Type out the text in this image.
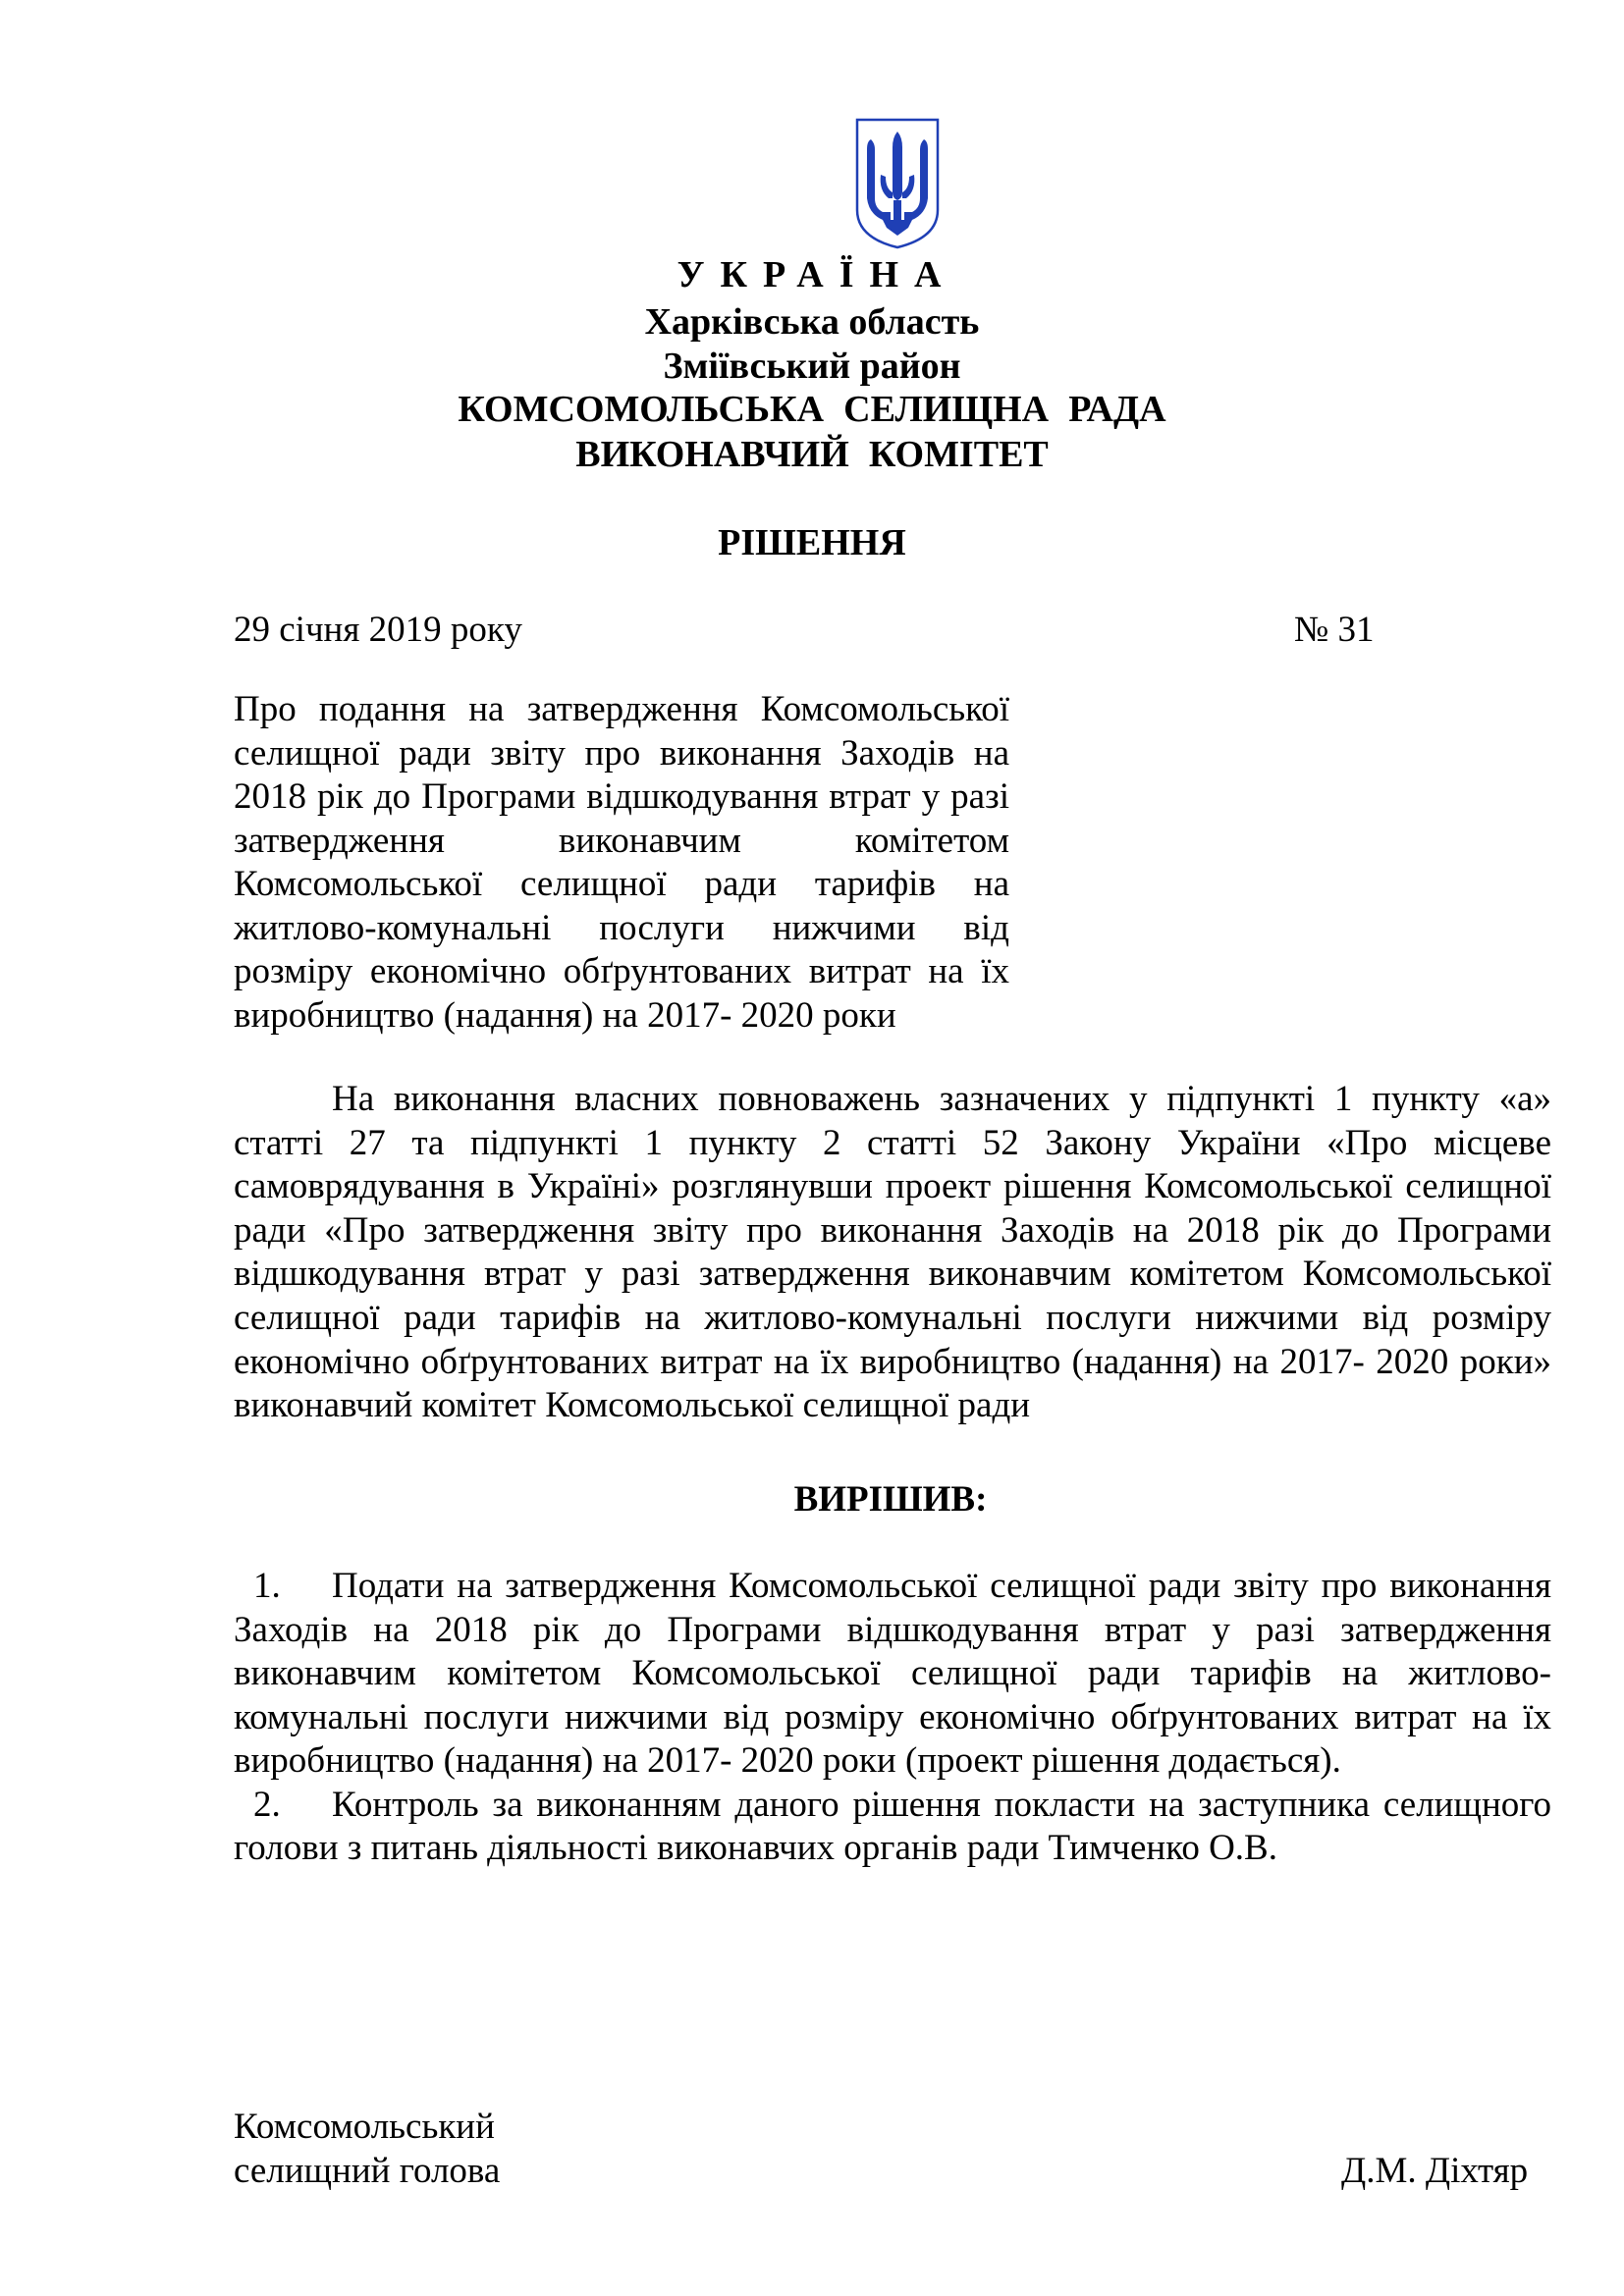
УКРАЇНА
Харківська область
Зміївський район
КОМСОМОЛЬСЬКА СЕЛИЩНА РАДА
ВИКОНАВЧИЙ КОМІТЕТ
РІШЕННЯ
29 січня 2019 року	№ 31
Про подання на затвердження Комсомольської селищної ради звіту про виконання Заходів на 2018 рік до Програми відшкодування втрат у разі затвердження виконавчим комітетом Комсомольської селищної ради тарифів на житлово-комунальні послуги нижчими від розміру економічно обґрунтованих витрат на їх виробництво (надання) на 2017- 2020 роки
На виконання власних повноважень зазначених у підпункті 1 пункту «а» статті 27 та підпункті 1 пункту 2 статті 52 Закону України «Про місцеве самоврядування в Україні» розглянувши проект рішення Комсомольської селищної ради «Про затвердження звіту про виконання Заходів на 2018 рік до Програми відшкодування втрат у разі затвердження виконавчим комітетом Комсомольської селищної ради тарифів на житлово-комунальні послуги нижчими від розміру економічно обґрунтованих витрат на їх виробництво (надання) на 2017- 2020 роки» виконавчий комітет Комсомольської селищної ради
ВИРІШИВ:
1. Подати на затвердження Комсомольської селищної ради звіту про виконання Заходів на 2018 рік до Програми відшкодування втрат у разі затвердження виконавчим комітетом Комсомольської селищної ради тарифів на житлово-комунальні послуги нижчими від розміру економічно обґрунтованих витрат на їх виробництво (надання) на 2017- 2020 роки (проект рішення додається).
2. Контроль за виконанням даного рішення покласти на заступника селищного голови з питань діяльності виконавчих органів ради Тимченко О.В.
Комсомольський
селищний голова	Д.М. Діхтяр
